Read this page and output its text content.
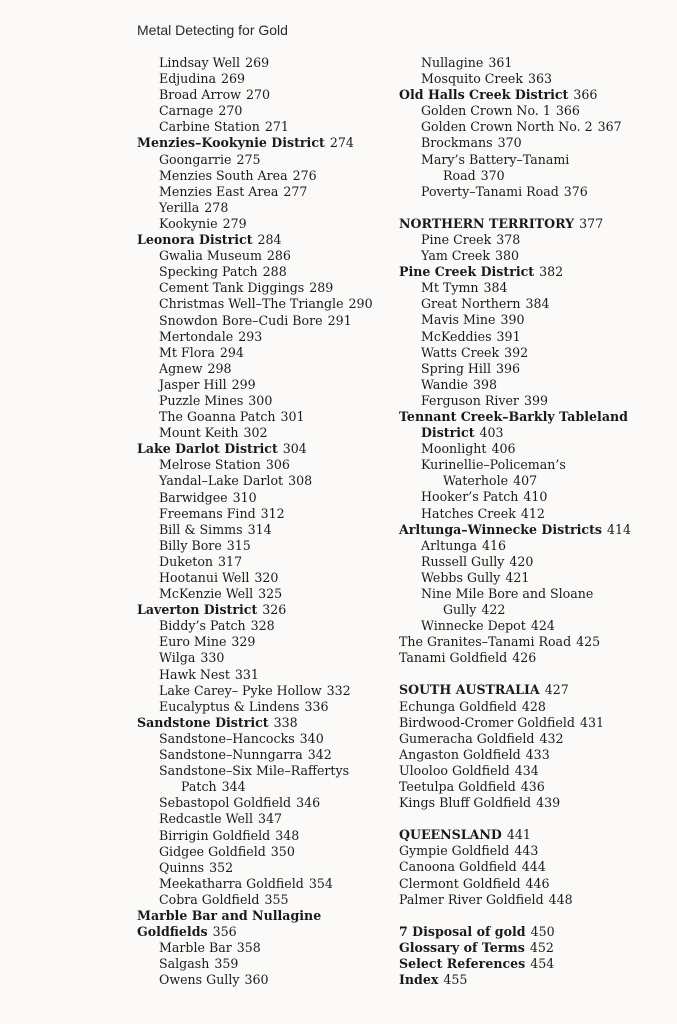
Metal Detecting for Gold
Lindsay Well 269
Edjudina 269
Broad Arrow 270
Carnage 270
Carbine Station 271
Menzies–Kookynie District 274
Goongarrie 275
Menzies South Area 276
Menzies East Area 277
Yerilla 278
Kookynie 279
Leonora District 284
Gwalia Museum 286
Specking Patch 288
Cement Tank Diggings 289
Christmas Well–The Triangle 290
Snowdon Bore–Cudi Bore 291
Mertondale 293
Mt Flora 294
Agnew 298
Jasper Hill 299
Puzzle Mines 300
The Goanna Patch 301
Mount Keith 302
Lake Darlot District 304
Melrose Station 306
Yandal–Lake Darlot 308
Barwidgee 310
Freemans Find 312
Bill & Simms 314
Billy Bore 315
Duketon 317
Hootanui Well 320
McKenzie Well 325
Laverton District 326
Biddy’s Patch 328
Euro Mine 329
Wilga 330
Hawk Nest 331
Lake Carey– Pyke Hollow 332
Eucalyptus & Lindens 336
Sandstone District 338
Sandstone–Hancocks 340
Sandstone–Nunngarra 342
Sandstone–Six Mile–Raffertys
Patch 344
Sebastopol Goldfield 346
Redcastle Well 347
Birrigin Goldfield 348
Gidgee Goldfield 350
Quinns 352
Meekatharra Goldfield 354
Cobra Goldfield 355
Marble Bar and Nullagine
Goldfields 356
Marble Bar 358
Salgash 359
Owens Gully 360
Nullagine 361
Mosquito Creek 363
Old Halls Creek District 366
Golden Crown No. 1 366
Golden Crown North No. 2 367
Brockmans 370
Mary’s Battery–Tanami
Road 370
Poverty–Tanami Road 376
NORTHERN TERRITORY 377
Pine Creek 378
Yam Creek 380
Pine Creek District 382
Mt Tymn 384
Great Northern 384
Mavis Mine 390
McKeddies 391
Watts Creek 392
Spring Hill 396
Wandie 398
Ferguson River 399
Tennant Creek–Barkly Tableland
District 403
Moonlight 406
Kurinellie–Policeman’s
Waterhole 407
Hooker’s Patch 410
Hatches Creek 412
Arltunga–Winnecke Districts 414
Arltunga 416
Russell Gully 420
Webbs Gully 421
Nine Mile Bore and Sloane
Gully 422
Winnecke Depot 424
The Granites–Tanami Road 425
Tanami Goldfield 426
SOUTH AUSTRALIA 427
Echunga Goldfield 428
Birdwood-Cromer Goldfield 431
Gumeracha Goldfield 432
Angaston Goldfield 433
Ulooloo Goldfield 434
Teetulpa Goldfield 436
Kings Bluff Goldfield 439
QUEENSLAND 441
Gympie Goldfield 443
Canoona Goldfield 444
Clermont Goldfield 446
Palmer River Goldfield 448
7 Disposal of gold 450
Glossary of Terms 452
Select References 454
Index 455
